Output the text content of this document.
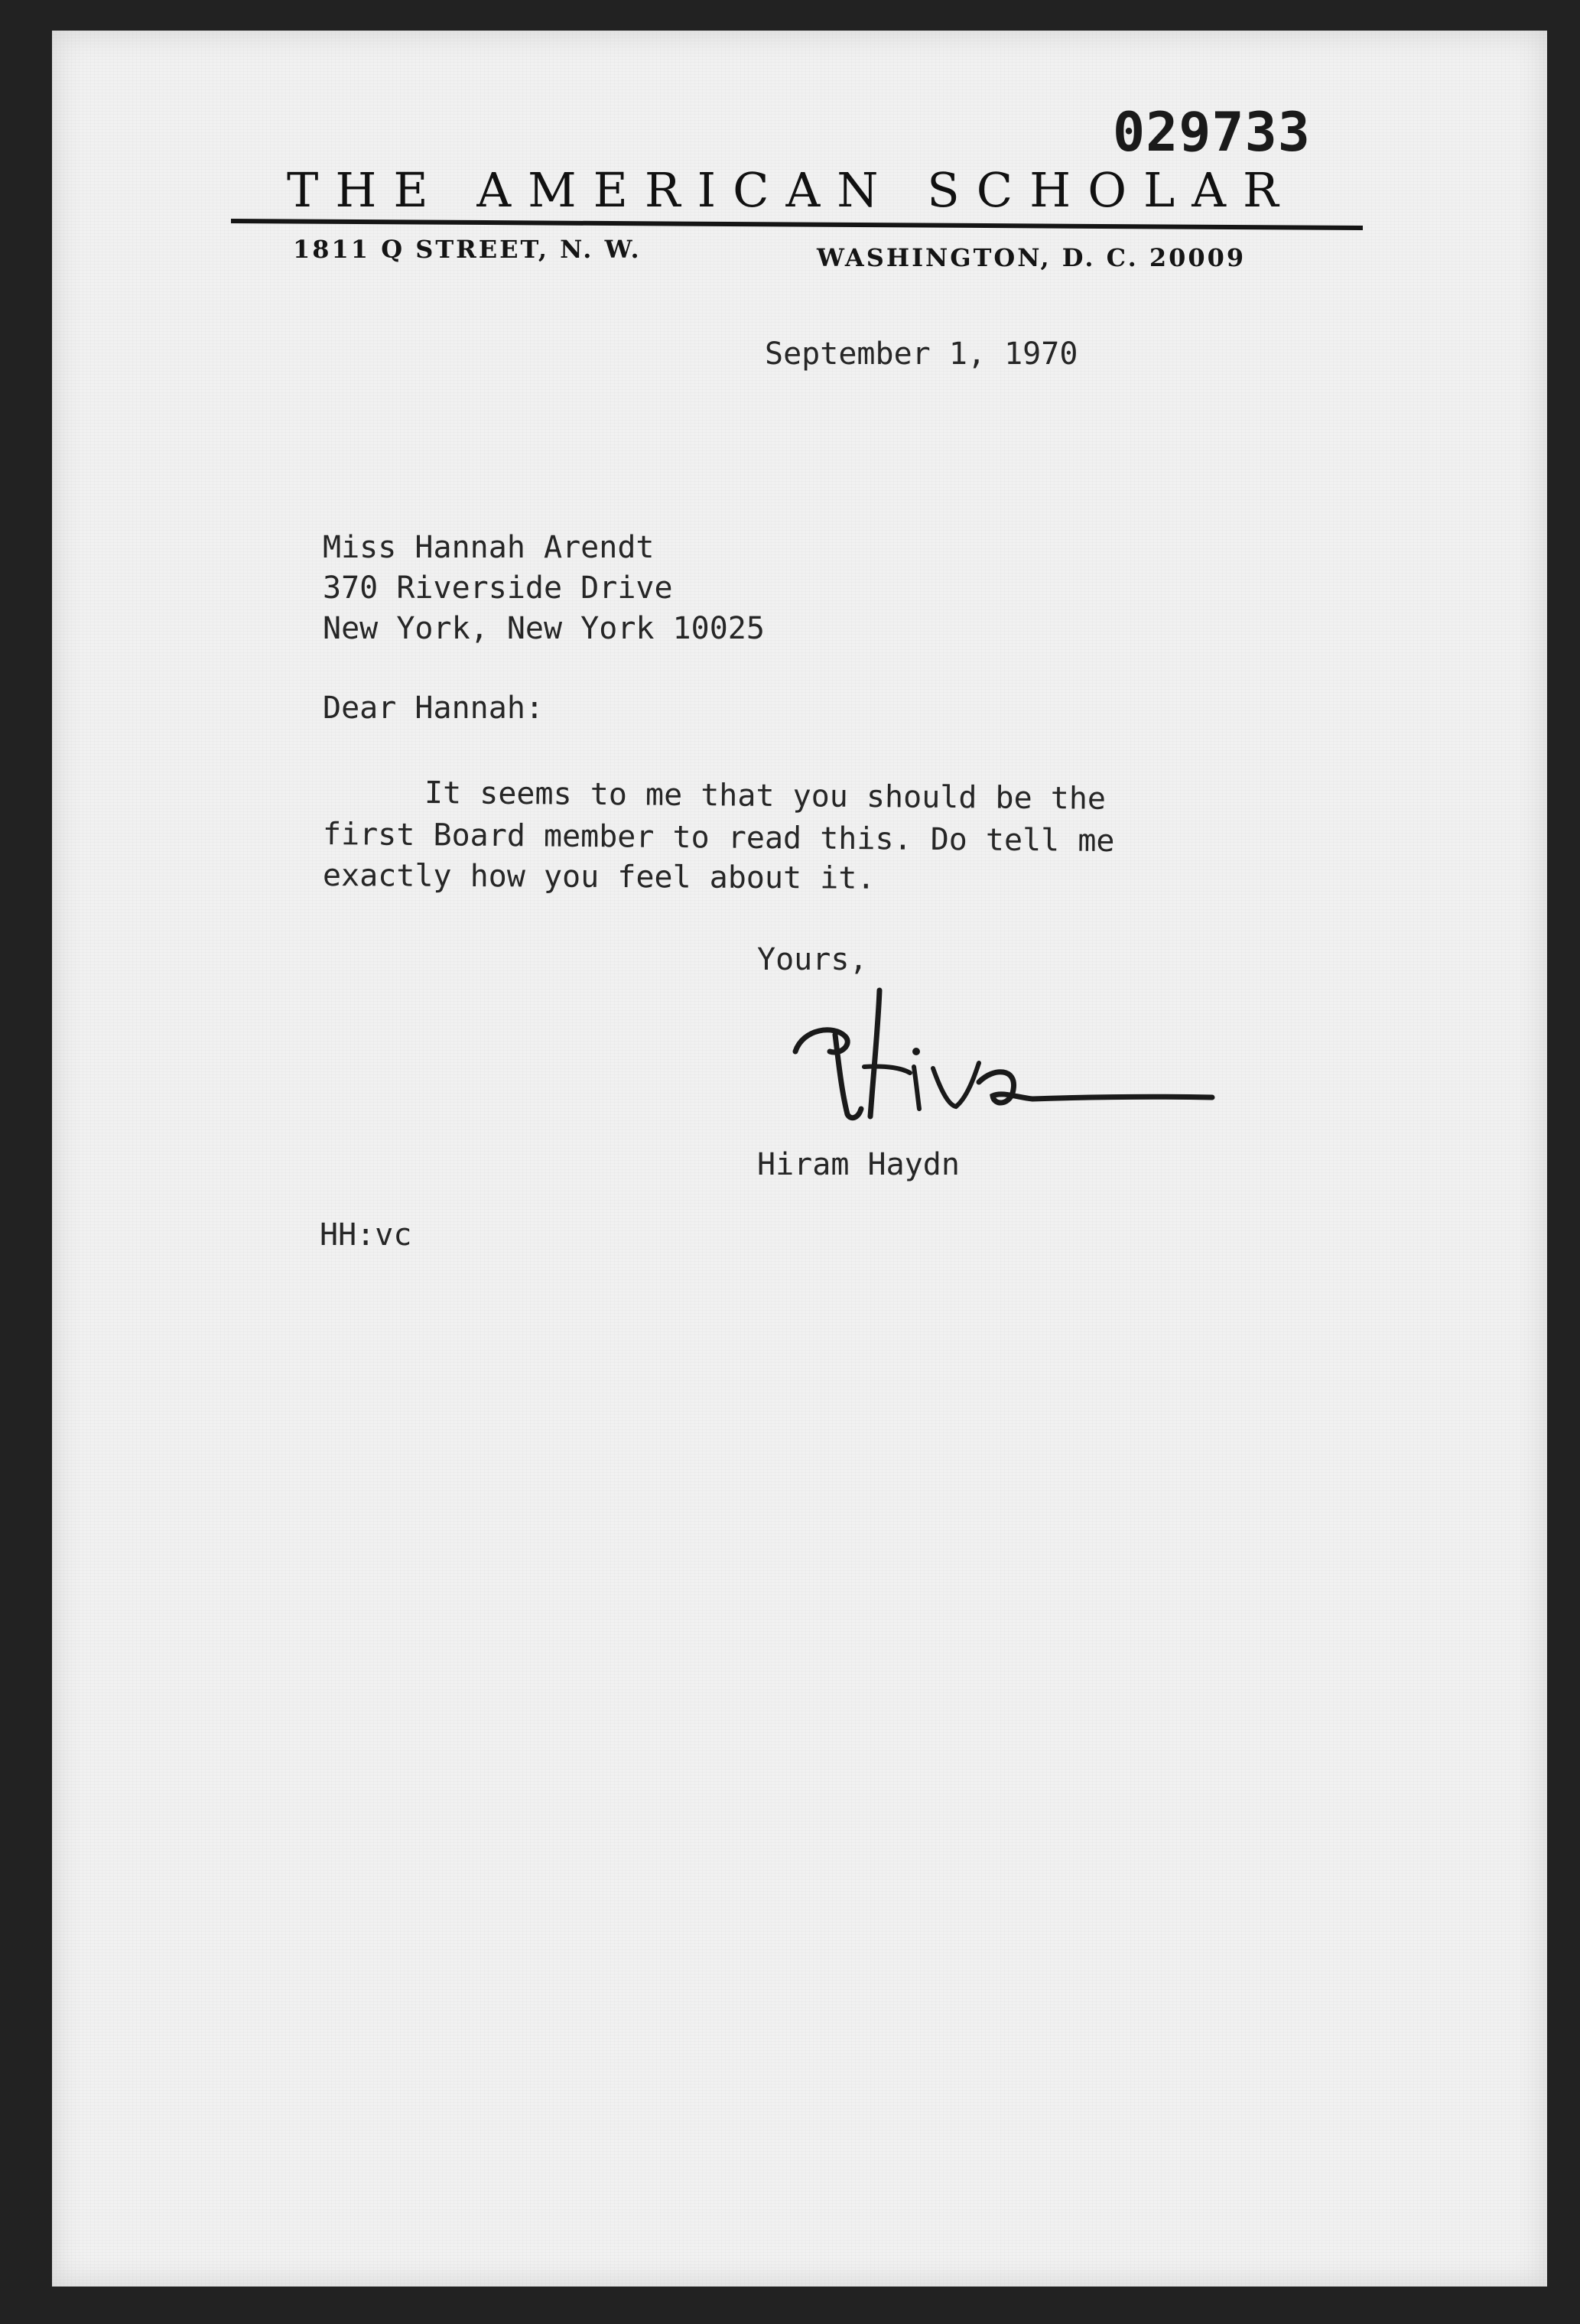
029733
THE AMERICAN SCHOLAR
1811 Q STREET, N. W.	WASHINGTON, D. C. 20009
September 1, 1970
Miss Hannah Arendt
370 Riverside Drive
New York, New York 10025
Dear Hannah:
It seems to me that you should be the
first Board member to read this. Do tell me
exactly how you feel about it.
Yours,
Hiram Haydn
HH:vc
